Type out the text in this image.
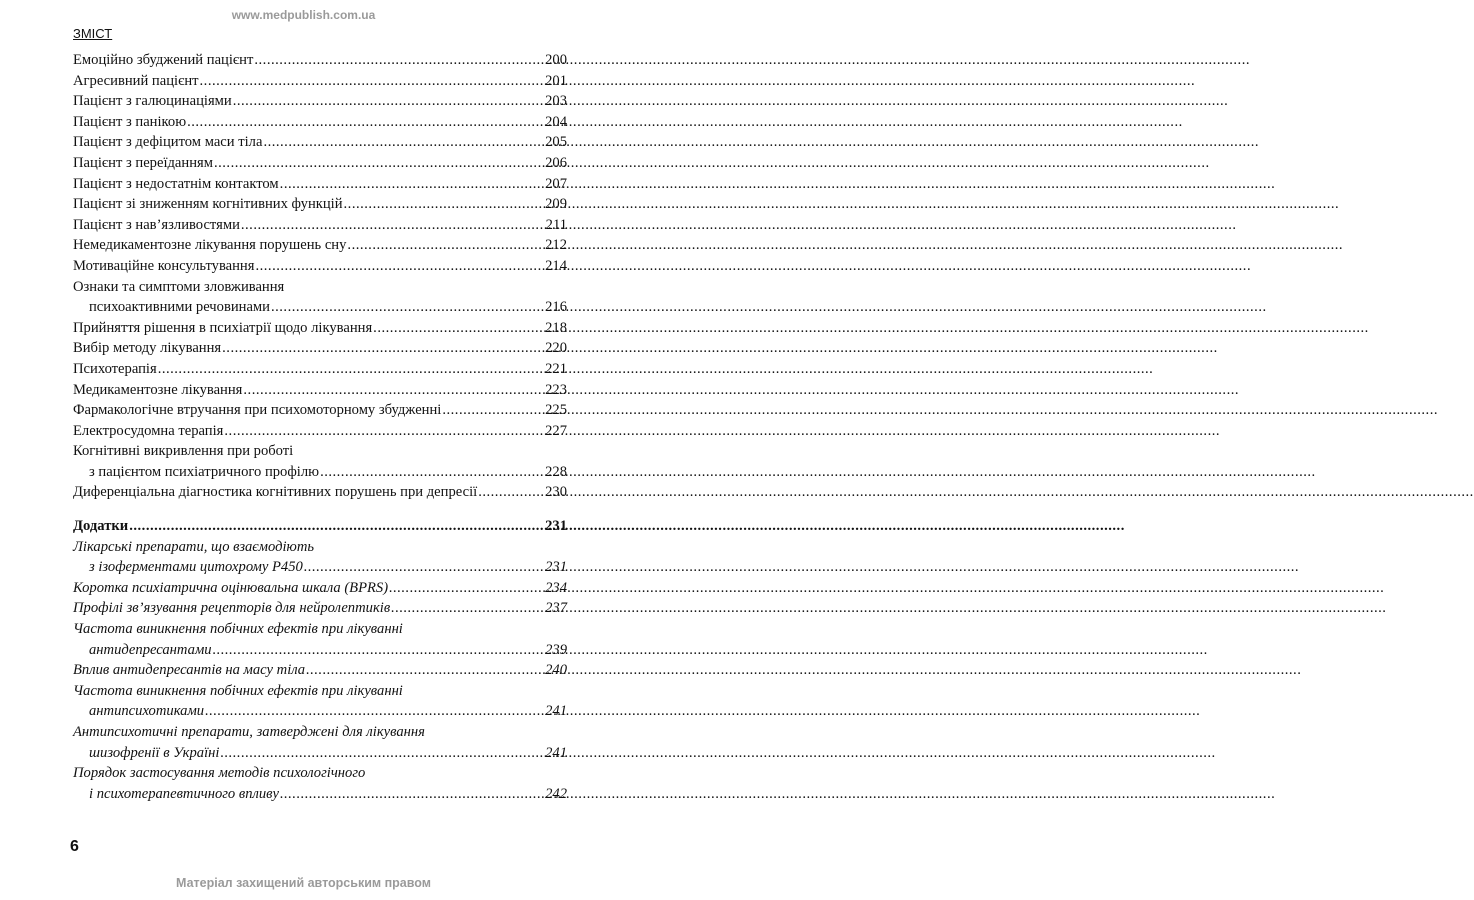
www.medpublish.com.ua
ЗМІСТ
Емоційно збуджений пацієнт .....	200
Агресивний пацієнт .....	201
Пацієнт з галюцинаціями .....	203
Пацієнт з панікою .....	204
Пацієнт з дефіцитом маси тіла .....	205
Пацієнт з переїданням .....	206
Пацієнт з недостатнім контактом .....	207
Пацієнт зі зниженням когнітивних функцій .....	209
Пацієнт з нав’язливостями .....	211
Немедикаментозне лікування порушень сну .....	212
Мотиваційне консультування .....	214
Ознаки та симптоми зловживання
психоактивними речовинами .....	216
Прийняття рішення в психіатрії щодо лікування .....	218
Вибір методу лікування .....	220
Психотерапія .....	221
Медикаментозне лікування .....	223
Фармакологічне втручання при психомоторному збудженні .....	225
Електросудомна терапія .....	227
Когнітивні викривлення при роботі
з пацієнтом психіатричного профілю .....	228
Диференціальна діагностика когнітивних порушень при депресії .....	230
Додатки .....	231
Лікарські препарати, що взаємодіють
з ізоферментами цитохрому Р450 .....	231
Коротка психіатрична оцінювальна шкала (BPRS) .....	234
Профілі зв’язування рецепторів для нейролептиків .....	237
Частота виникнення побічних ефектів при лікуванні
антидепресантами .....	239
Вплив антидепресантів на масу тіла .....	240
Частота виникнення побічних ефектів при лікуванні
антипсихотиками .....	241
Антипсихотичні препарати, затверджені для лікування
шизофренії в Україні .....	241
Порядок застосування методів психологічного
і психотерапевтичного впливу .....	242
6
Матеріал захищений авторським правом
